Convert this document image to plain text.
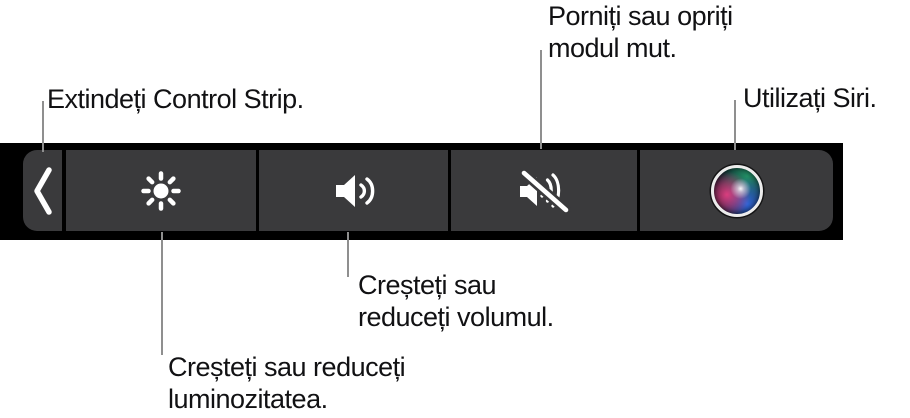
Extindeți Control Strip.
Porniți sau opriți
modul mut.
Utilizați Siri.
Creșteți sau
reduceți volumul.
Creșteți sau reduceți
luminozitatea.
